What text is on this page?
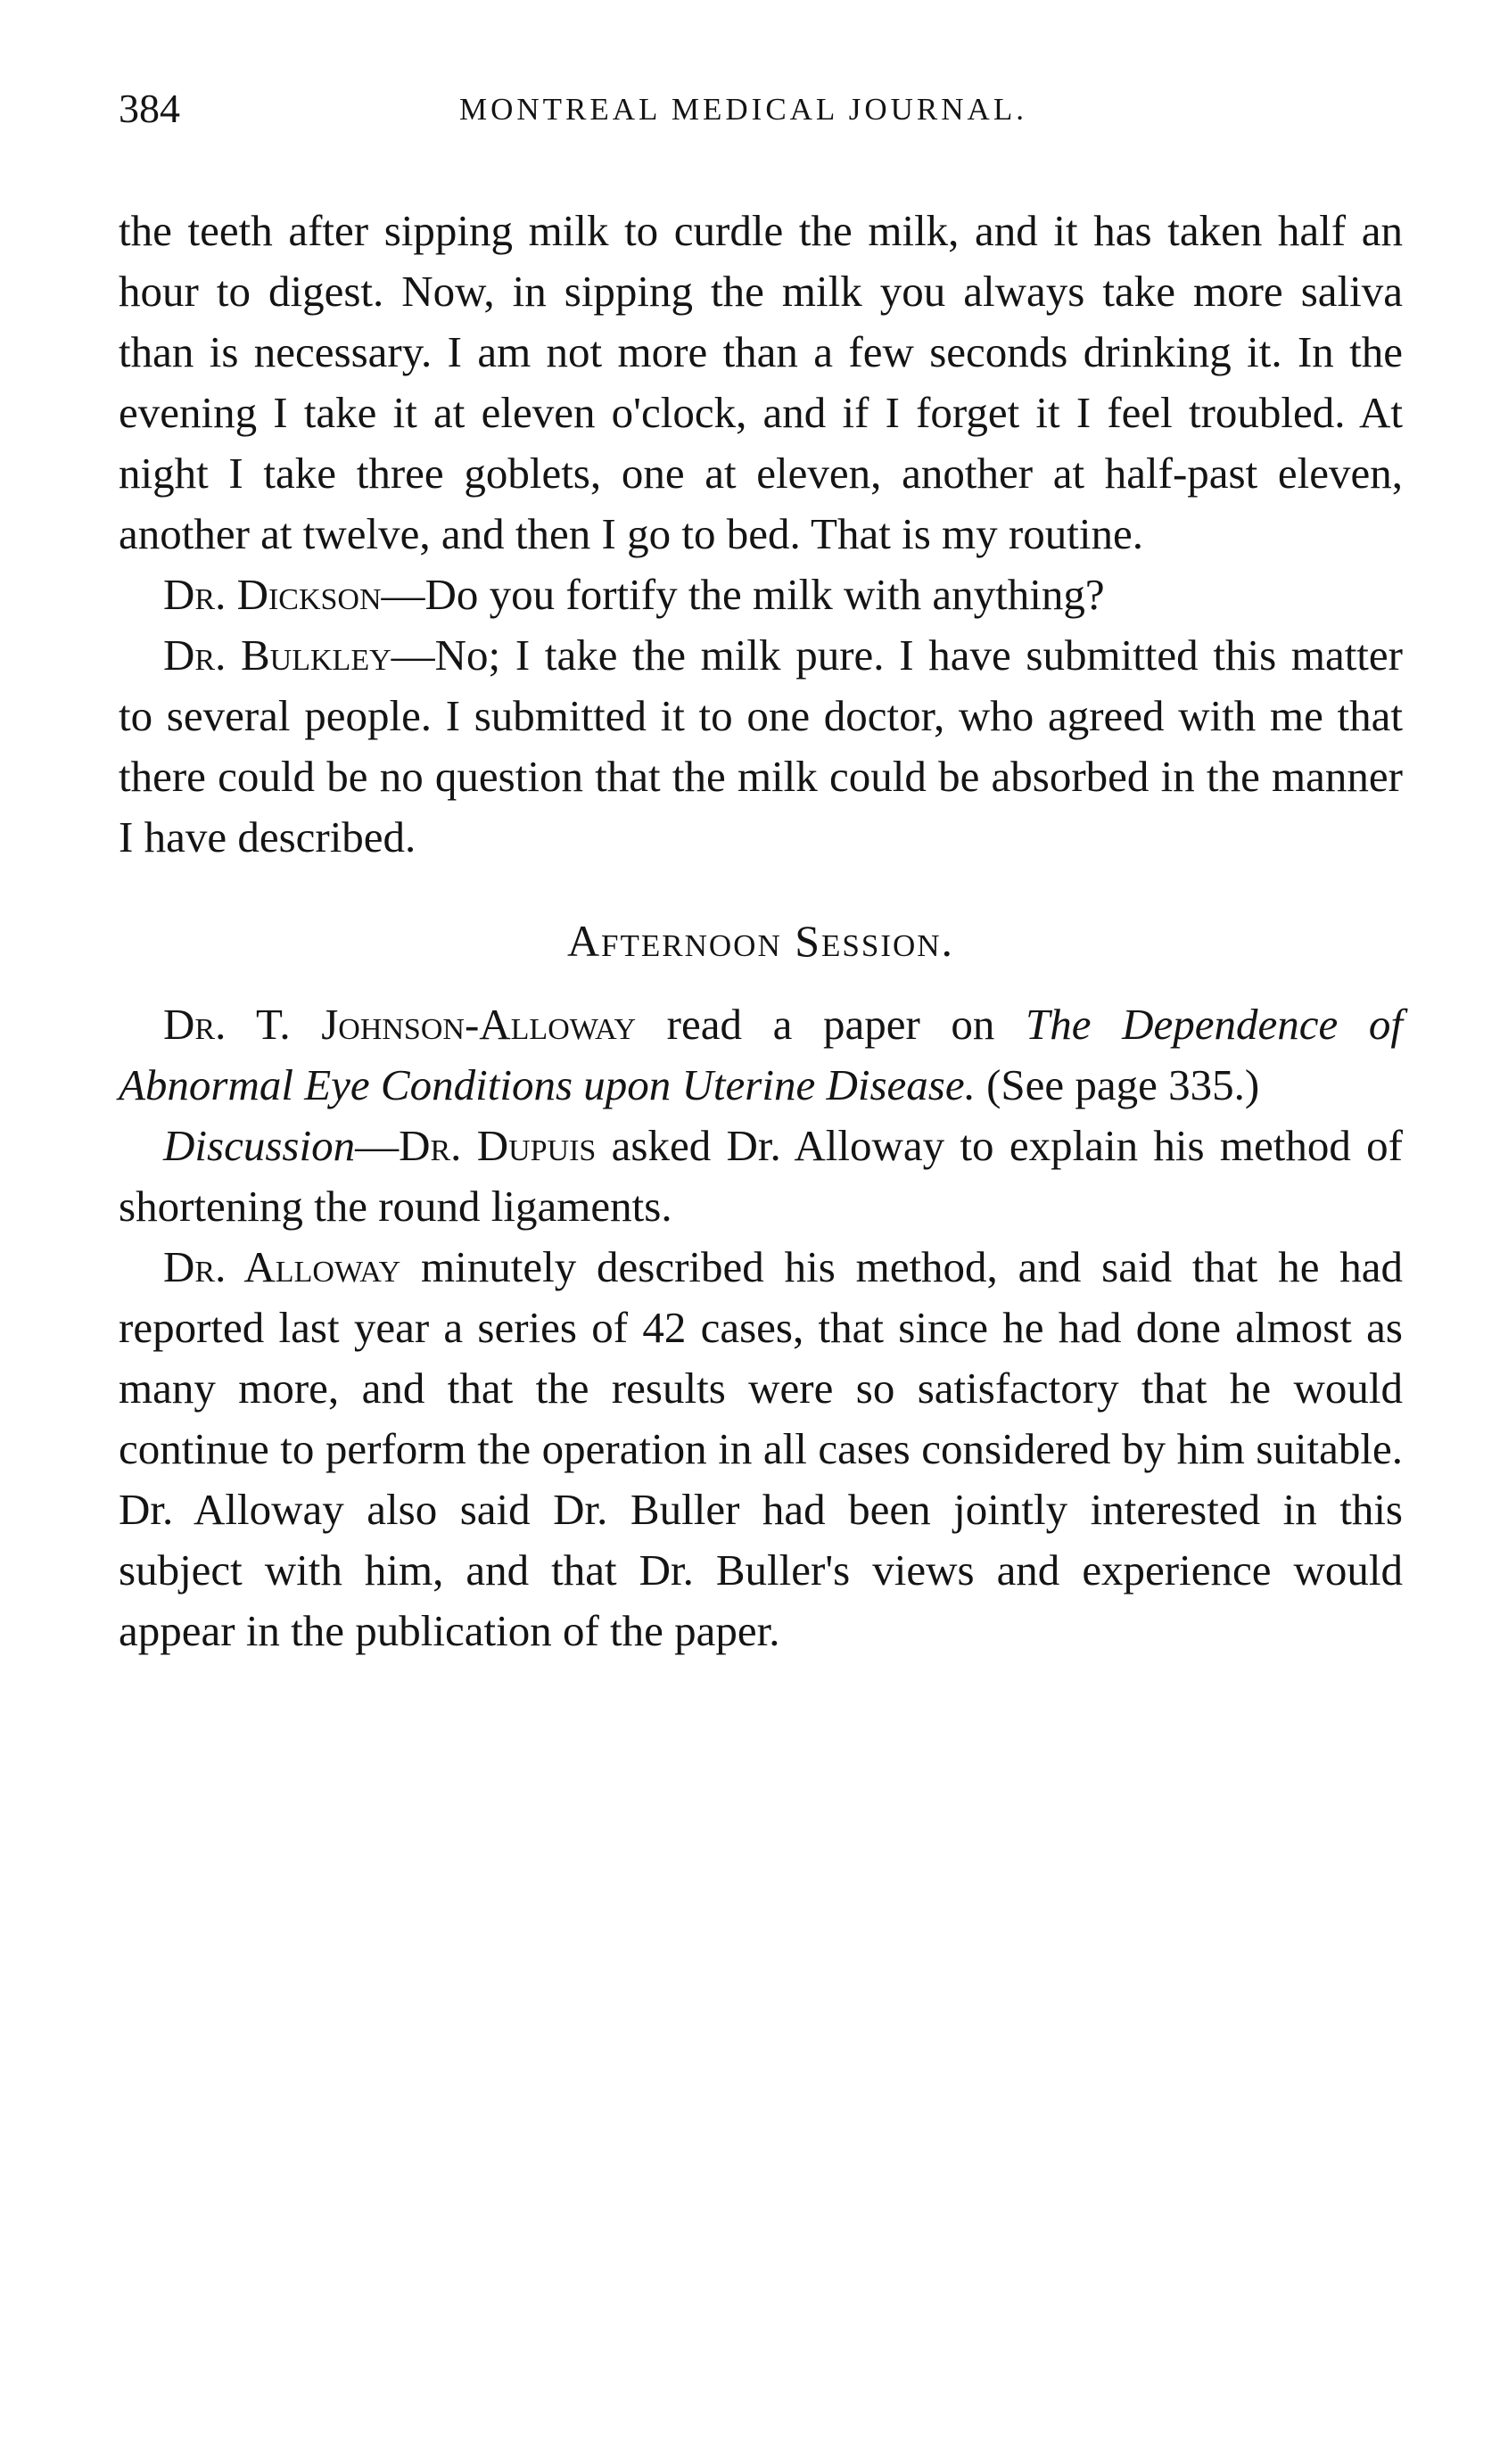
384	MONTREAL MEDICAL JOURNAL.

the teeth after sipping milk to curdle the milk, and it has taken half an hour to digest. Now, in sipping the milk you always take more saliva than is necessary. I am not more than a few seconds drinking it. In the evening I take it at eleven o'clock, and if I forget it I feel troubled. At night I take three goblets, one at eleven, another at half-past eleven, another at twelve, and then I go to bed. That is my routine.

Dr. Dickson—Do you fortify the milk with anything?

Dr. Bulkley—No; I take the milk pure. I have submitted this matter to several people. I submitted it to one doctor, who agreed with me that there could be no question that the milk could be absorbed in the manner I have described.

Afternoon Session.

Dr. T. Johnson-Alloway read a paper on The Dependence of Abnormal Eye Conditions upon Uterine Disease. (See page 335.)

Discussion—Dr. Dupuis asked Dr. Alloway to explain his method of shortening the round ligaments.

Dr. Alloway minutely described his method, and said that he had reported last year a series of 42 cases, that since he had done almost as many more, and that the results were so satisfactory that he would continue to perform the operation in all cases considered by him suitable. Dr. Alloway also said Dr. Buller had been jointly interested in this subject with him, and that Dr. Buller's views and experience would appear in the publication of the paper.
